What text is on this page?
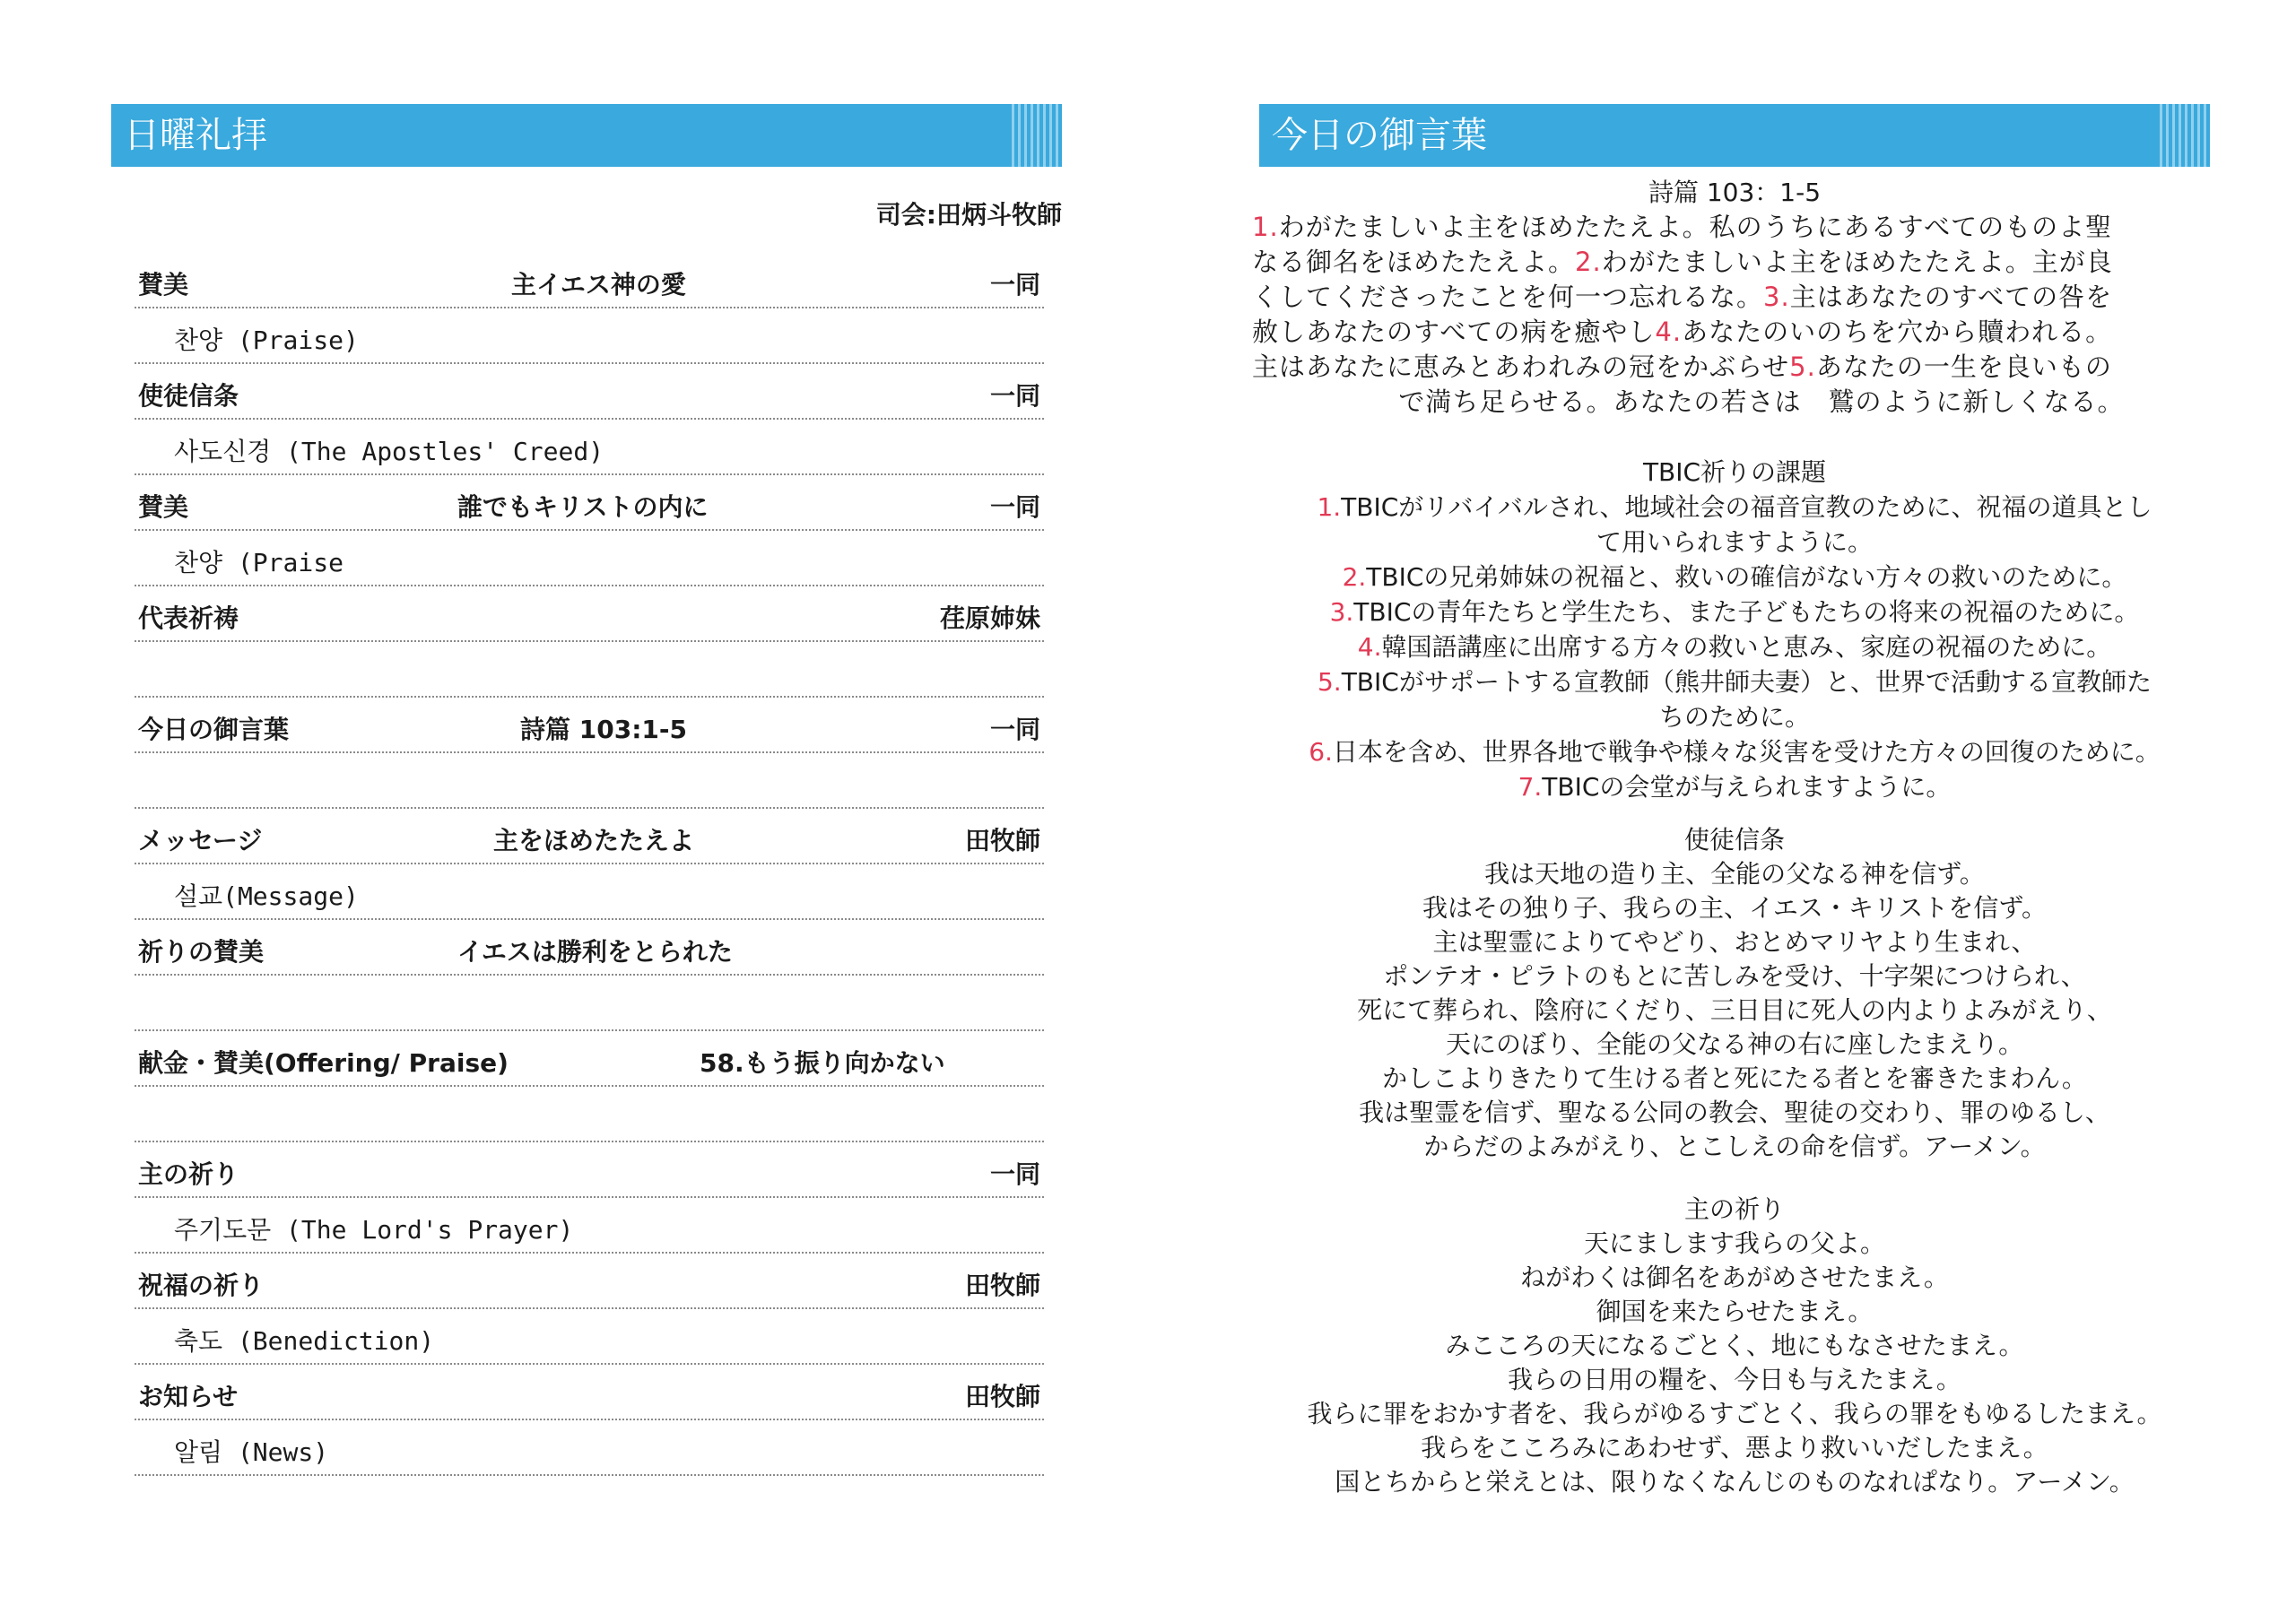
日曜礼拝
司会:田炳斗牧師
賛美	主イエス神の愛	一同
찬양 (Praise)
使徒信条	一同
사도신경 (The Apostles' Creed)
賛美	誰でもキリストの内に	一同
찬양 (Praise
代表祈祷	荏原姉妹
今日の御言葉	詩篇 103:1-5	一同
メッセージ	主をほめたたえよ	田牧師
설교(Message)
祈りの賛美	イエスは勝利をとられた
献金・賛美(Offering/ Praise)	58.もう振り向かない
主の祈り	一同
주기도문 (The Lord's Prayer)
祝福の祈り	田牧師
축도 (Benediction)
お知らせ	田牧師
알림 (News)
今日の御言葉
詩篇 103：1-5
1.わがたましいよ主をほめたたえよ。私のうちにあるすべてのものよ聖
なる御名をほめたたえよ。2.わがたましいよ主をほめたたえよ。主が良
くしてくださったことを何一つ忘れるな。3.主はあなたのすべての咎を
赦しあなたのすべての病を癒やし4.あなたのいのちを穴から贖われる。
主はあなたに恵みとあわれみの冠をかぶらせ5.あなたの一生を良いもの
　　で満ち足らせる。あなたの若さは　鷲のように新しくなる。
TBIC祈りの課題
1.TBICがリバイバルされ、地域社会の福音宣教のために、祝福の道具とし
て用いられますように。
2.TBICの兄弟姉妹の祝福と、救いの確信がない方々の救いのために。
3.TBICの青年たちと学生たち、また子どもたちの将来の祝福のために。
4.韓国語講座に出席する方々の救いと恵み、家庭の祝福のために。
5.TBICがサポートする宣教師（熊井師夫妻）と、世界で活動する宣教師た
ちのために。
6.日本を含め、世界各地で戦争や様々な災害を受けた方々の回復のために。
7.TBICの会堂が与えられますように。
使徒信条
我は天地の造り主、全能の父なる神を信ず。
我はその独り子、我らの主、イエス・キリストを信ず。
主は聖霊によりてやどり、おとめマリヤより生まれ、
ポンテオ・ピラトのもとに苦しみを受け、十字架につけられ、
死にて葬られ、陰府にくだり、三日目に死人の内よりよみがえり、
天にのぼり、全能の父なる神の右に座したまえり。
かしこよりきたりて生ける者と死にたる者とを審きたまわん。
我は聖霊を信ず、聖なる公同の教会、聖徒の交わり、罪のゆるし、
からだのよみがえり、とこしえの命を信ず。アーメン。
主の祈り
天にまします我らの父よ。
ねがわくは御名をあがめさせたまえ。
御国を来たらせたまえ。
みこころの天になるごとく、地にもなさせたまえ。
我らの日用の糧を、今日も与えたまえ。
我らに罪をおかす者を、我らがゆるすごとく、我らの罪をもゆるしたまえ。
我らをこころみにあわせず、悪より救いいだしたまえ。
国とちからと栄えとは、限りなくなんじのものなれぱなり。アーメン。
